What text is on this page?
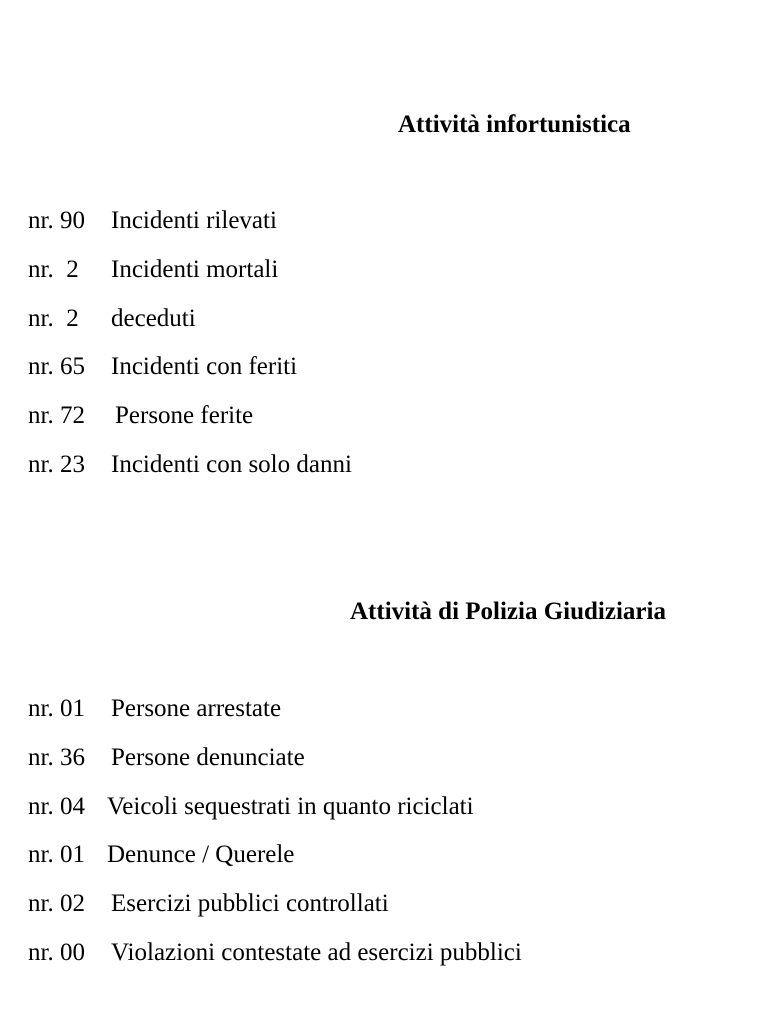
Attività infortunistica
nr. 90 Incidenti rilevati
nr.  2 Incidenti mortali
nr.  2 deceduti
nr. 65 Incidenti con feriti
nr. 72 Persone ferite
nr. 23 Incidenti con solo danni
Attività di Polizia Giudiziaria
nr. 01 Persone arrestate
nr. 36 Persone denunciate
nr. 04 Veicoli sequestrati in quanto riciclati
nr. 01 Denunce / Querele
nr. 02 Esercizi pubblici controllati
nr. 00 Violazioni contestate ad esercizi pubblici
